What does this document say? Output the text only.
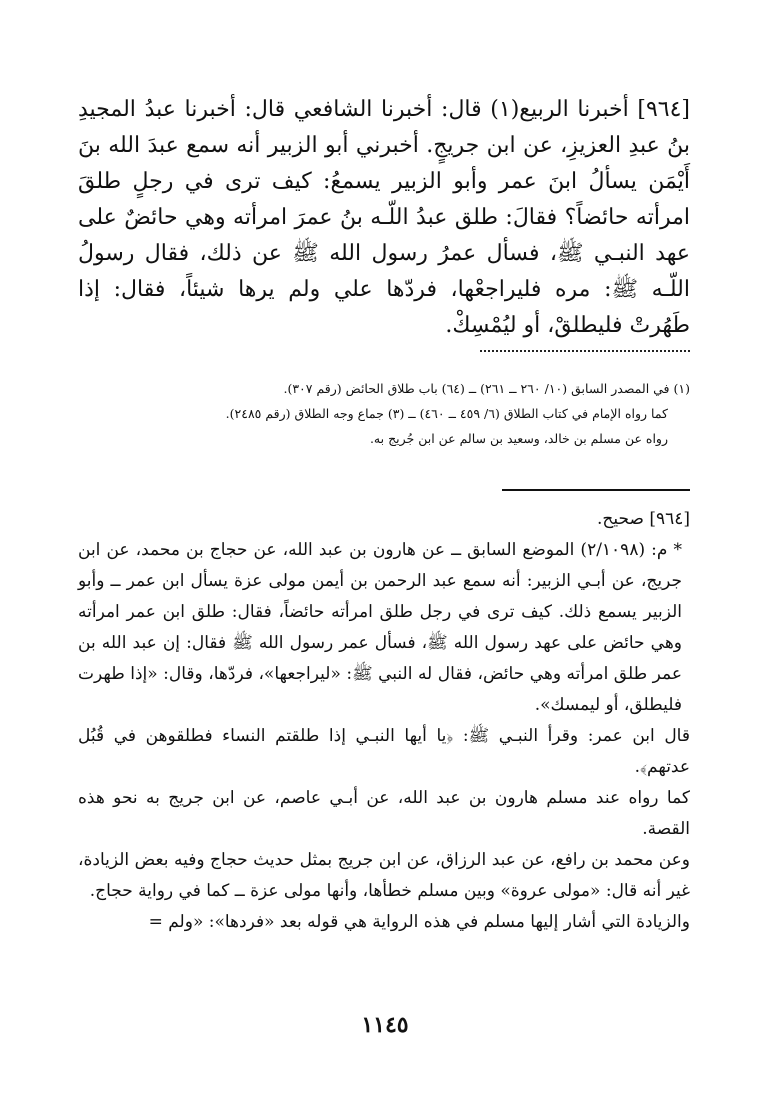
[٩٦٤] أخبرنا الربيع(١) قال: أخبرنا الشافعي قال: أخبرنا عبدُ المجيدِ بنُ عبدِ العزيزِ، عن ابن جريجٍ. أخبرني أبو الزبير أنه سمع عبدَ الله بنَ أَيْمَن يسألُ ابنَ عمر وأبو الزبير يسمعُ: كيف ترى في رجلٍ طلقَ امرأته حائضاً؟ فقالَ: طلق عبدُ اللّـه بنُ عمرَ امرأته وهي حائضٌ على عهد النبـي ﷺ، فسأل عمرُ رسول الله ﷺ عن ذلك، فقال رسولُ اللّـه ﷺ: مره فليراجعْها، فردّها علي ولم يرها شيئاً، فقال: إذا طَهُرتْ فليطلقْ، أو ليُمْسِكْ.

(١) في المصدر السابق (١٠/ ٢٦٠ ــ ٢٦١) ــ (٦٤) باب طلاق الحائض (رقم ٣٠٧).

كما رواه الإمام في كتاب الطلاق (٦/ ٤٥٩ ــ ٤٦٠) ــ (٣) جماع وجه الطلاق (رقم ٢٤٨٥).

رواه عن مسلم بن خالد، وسعيد بن سالم عن ابن جُريج به.

[٩٦٤] صحيح.

* م: (٢/١٠٩٨) الموضع السابق ــ عن هارون بن عبد الله، عن حجاج بن محمد، عن ابن جريج، عن أبـي الزبير: أنه سمع عبد الرحمن بن أيمن مولى عزة يسأل ابن عمر ــ وأبو الزبير يسمع ذلك. كيف ترى في رجل طلق امرأته حائضاً، فقال: طلق ابن عمر امرأته وهي حائض على عهد رسول الله ﷺ، فسأل عمر رسول الله ﷺ فقال: إن عبد الله بن عمر طلق امرأته وهي حائض، فقال له النبي ﷺ: «ليراجعها»، فردّها، وقال: «إذا طهرت فليطلق، أو ليمسك».

قال ابن عمر: وقرأ النبـي ﷺ: ﴿يا أيها النبـي إذا طلقتم النساء فطلقوهن في قُبُل عدتهم﴾.

كما رواه عند مسلم هارون بن عبد الله، عن أبـي عاصم، عن ابن جريج به نحو هذه القصة.

وعن محمد بن رافع، عن عبد الرزاق، عن ابن جريج بمثل حديث حجاج وفيه بعض الزيادة، غير أنه قال: «مولى عروة» وبين مسلم خطأها، وأنها مولى عزة ــ كما في رواية حجاج.

والزيادة التي أشار إليها مسلم في هذه الرواية هي قوله بعد «فردها»: «ولم =

١١٤٥
